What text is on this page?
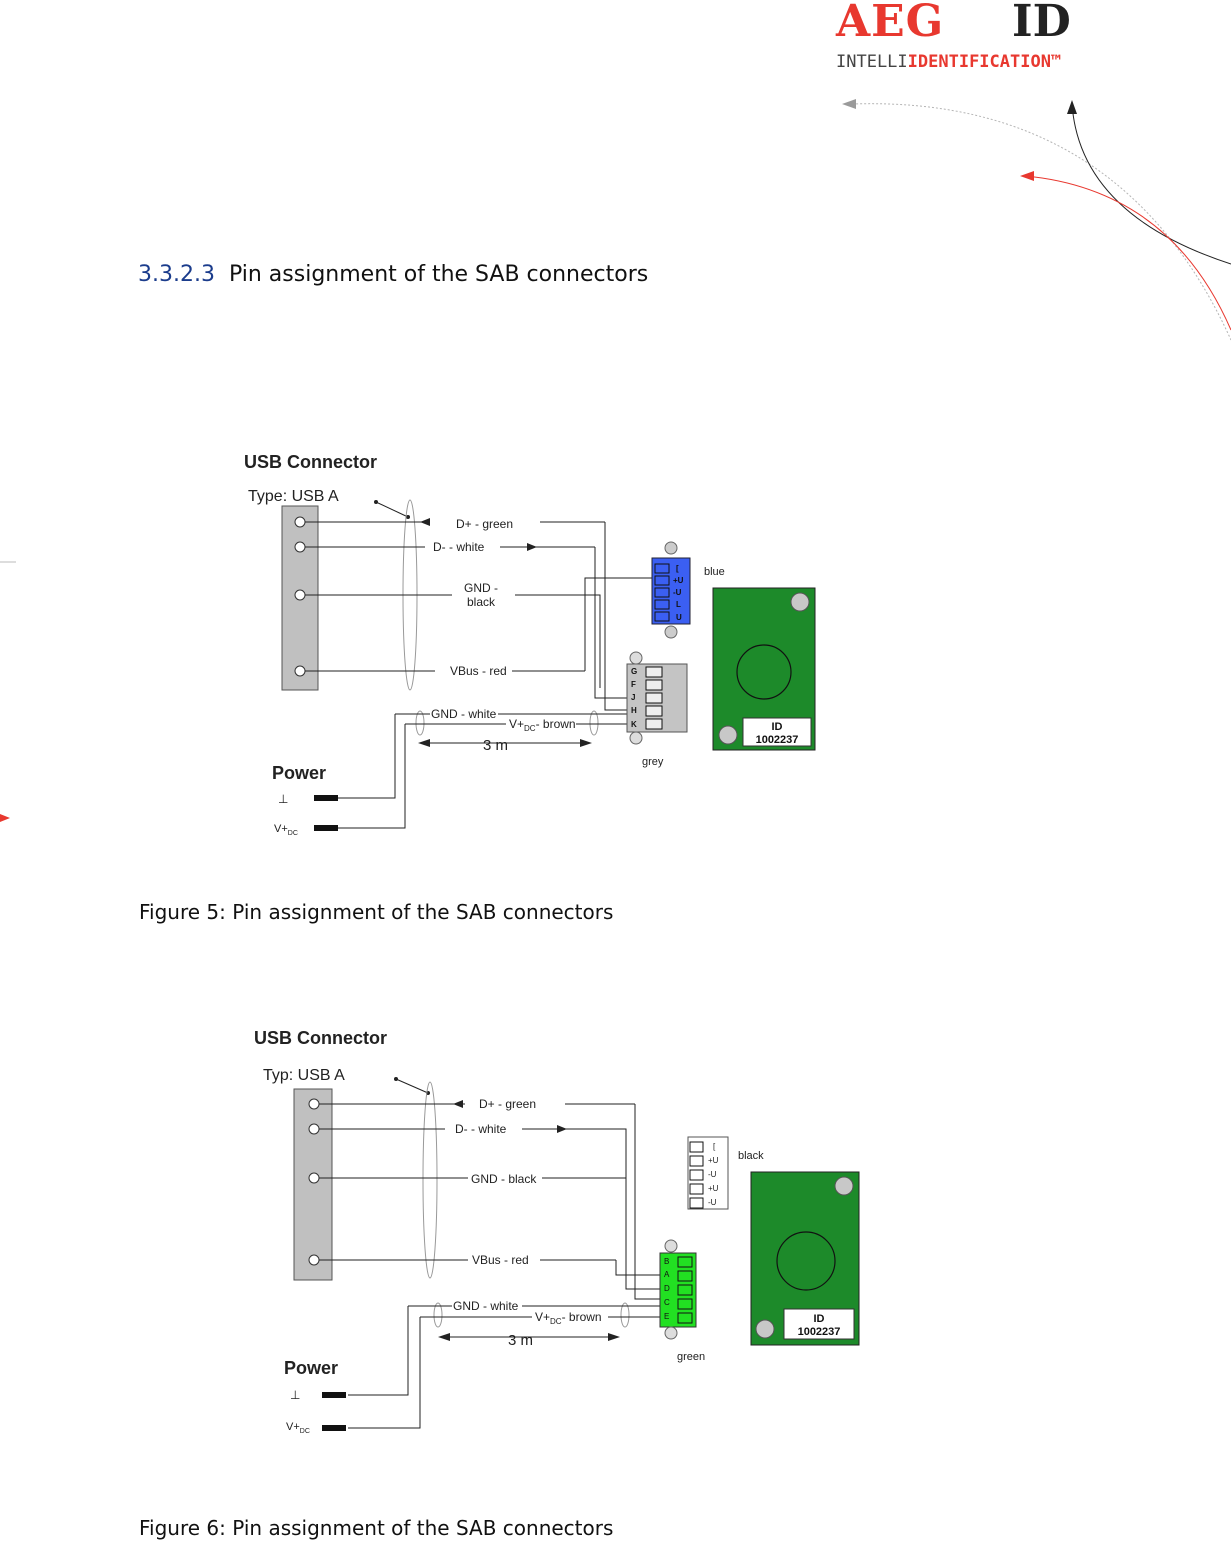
AEG ID
INTELLIIDENTIFICATION™
3.3.2.3 Pin assignment of the SAB connectors
USB Connector
Type: USB A
D+ - green
D- - white
GND -
black
VBus - red
GND - white
$V+_{DC}-$ brown
3 m
Power
⊥
$V+_{DC}$
[
+U
-U
L
U
blue
G
F
J
H
K
grey
ID
1002237
Figure 5: Pin assignment of the SAB connectors
USB Connector
Typ: USB A
D+ - green
D- - white
GND - black
VBus - red
GND - white
$V+_{DC}-$ brown
3 m
Power
⊥
$V+_{DC}$
[
+U
-U
+U
-U
black
B
A
D
C
E
green
ID
1002237
Figure 6: Pin assignment of the SAB connectors
